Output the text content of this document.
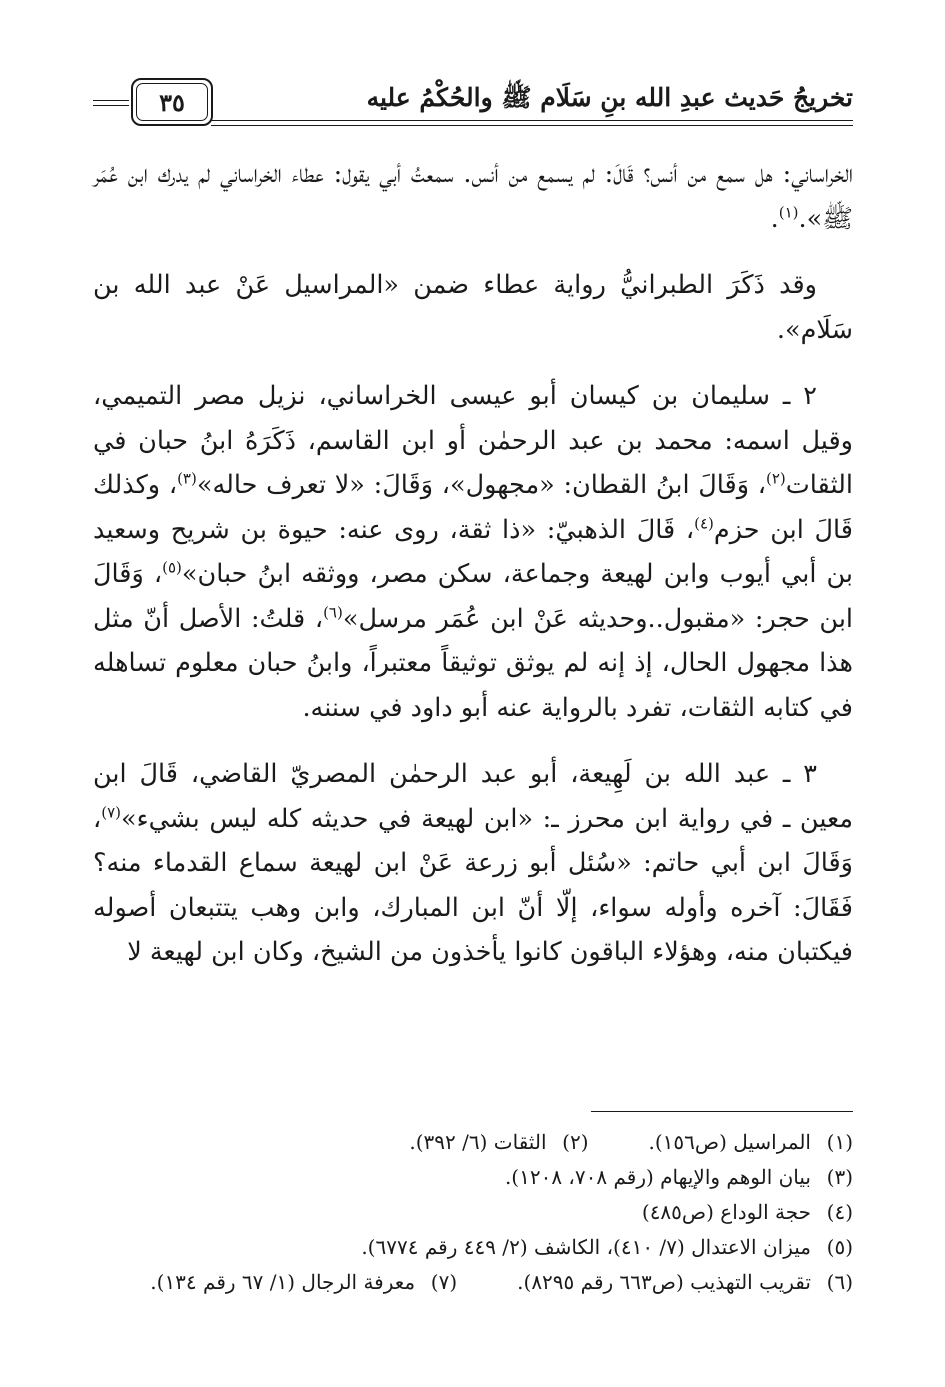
تخريجُ حَديث عبدِ الله بنِ سَلَام ﷺ والحُكْمُ عليه
٣٥

الخراساني: هل سمع من أنس؟ قَالَ: لم يسمع من أنس. سمعتُ أبي يقول: عطاء الخراساني لم يدرك ابن عُمَر ﷺ».$^{(١)}$.

وقد ذَكَرَ الطبرانيُّ رواية عطاء ضمن «المراسيل عَنْ عبد الله بن سَلَام».

٢ ـ سليمان بن كيسان أبو عيسى الخراساني، نزيل مصر التميمي، وقيل اسمه: محمد بن عبد الرحمٰن أو ابن القاسم، ذَكَرَهُ ابنُ حبان في الثقات$^{(٢)}$، وَقَالَ ابنُ القطان: «مجهول»، وَقَالَ: «لا تعرف حاله»$^{(٣)}$، وكذلك قَالَ ابن حزم$^{(٤)}$، قَالَ الذهبيّ: «ذا ثقة، روى عنه: حيوة بن شريح وسعيد بن أبي أيوب وابن لهيعة وجماعة، سكن مصر، ووثقه ابنُ حبان»$^{(٥)}$، وَقَالَ ابن حجر: «مقبول..وحديثه عَنْ ابن عُمَر مرسل»$^{(٦)}$، قلتُ: الأصل أنّ مثل هذا مجهول الحال، إذ إنه لم يوثق توثيقاً معتبراً، وابنُ حبان معلوم تساهله في كتابه الثقات، تفرد بالرواية عنه أبو داود في سننه.

٣ ـ عبد الله بن لَهِيعة، أبو عبد الرحمٰن المصريّ القاضي، قَالَ ابن معين ـ في رواية ابن محرز ـ: «ابن لهيعة في حديثه كله ليس بشيء»$^{(٧)}$، وَقَالَ ابن أبي حاتم: «سُئل أبو زرعة عَنْ ابن لهيعة سماع القدماء منه؟ فَقَالَ: آخره وأوله سواء، إلّا أنّ ابن المبارك، وابن وهب يتتبعان أصوله فيكتبان منه، وهؤلاء الباقون كانوا يأخذون من الشيخ، وكان ابن لهيعة لا

(١)المراسيل (ص١٥٦).(٢)الثقات (٦/ ٣٩٢).
(٣)بيان الوهم والإيهام (رقم ٧٠٨، ١٢٠٨).
(٤)حجة الوداع (ص٤٨٥)
(٥)ميزان الاعتدال (٧/ ٤١٠)، الكاشف (٢/ ٤٤٩ رقم ٦٧٧٤).
(٦)تقريب التهذيب (ص٦٦٣ رقم ٨٢٩٥).(٧)معرفة الرجال (١/ ٦٧ رقم ١٣٤).
